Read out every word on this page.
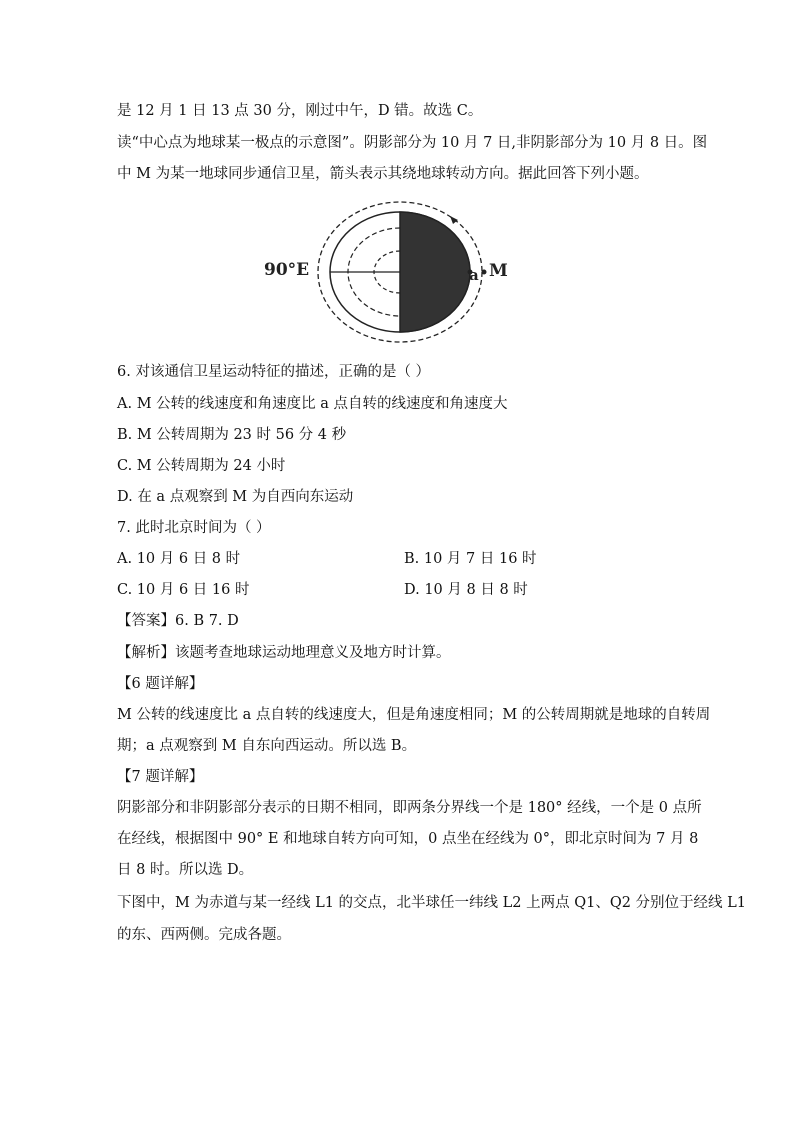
是 12 月 1 日 13 点 30 分，刚过中午，D 错。故选 C。
读“中心点为地球某一极点的示意图”。阴影部分为 10 月 7 日,非阴影部分为 10 月 8 日。图
中 M 为某一地球同步通信卫星，箭头表示其绕地球转动方向。据此回答下列小题。
90°E	a M
6. 对该通信卫星运动特征的描述，正确的是（ ）
A. M 公转的线速度和角速度比 a 点自转的线速度和角速度大
B. M 公转周期为 23 时 56 分 4 秒
C. M 公转周期为 24 小时
D. 在 a 点观察到 M 为自西向东运动
7. 此时北京时间为（ ）
A. 10 月 6 日 8 时	B. 10 月 7 日 16 时
C. 10 月 6 日 16 时	D. 10 月 8 日 8 时
【答案】6. B 7. D
【解析】该题考查地球运动地理意义及地方时计算。
【6 题详解】
M 公转的线速度比 a 点自转的线速度大，但是角速度相同；M 的公转周期就是地球的自转周
期；a 点观察到 M 自东向西运动。所以选 B。
【7 题详解】
阴影部分和非阴影部分表示的日期不相同，即两条分界线一个是 180° 经线，一个是 0 点所
在经线，根据图中 90° E 和地球自转方向可知，0 点坐在经线为 0°，即北京时间为 7 月 8
日 8 时。所以选 D。
下图中，M 为赤道与某一经线 L1 的交点，北半球任一纬线 L2 上两点 Q1、Q2 分别位于经线 L1
的东、西两侧。完成各题。
